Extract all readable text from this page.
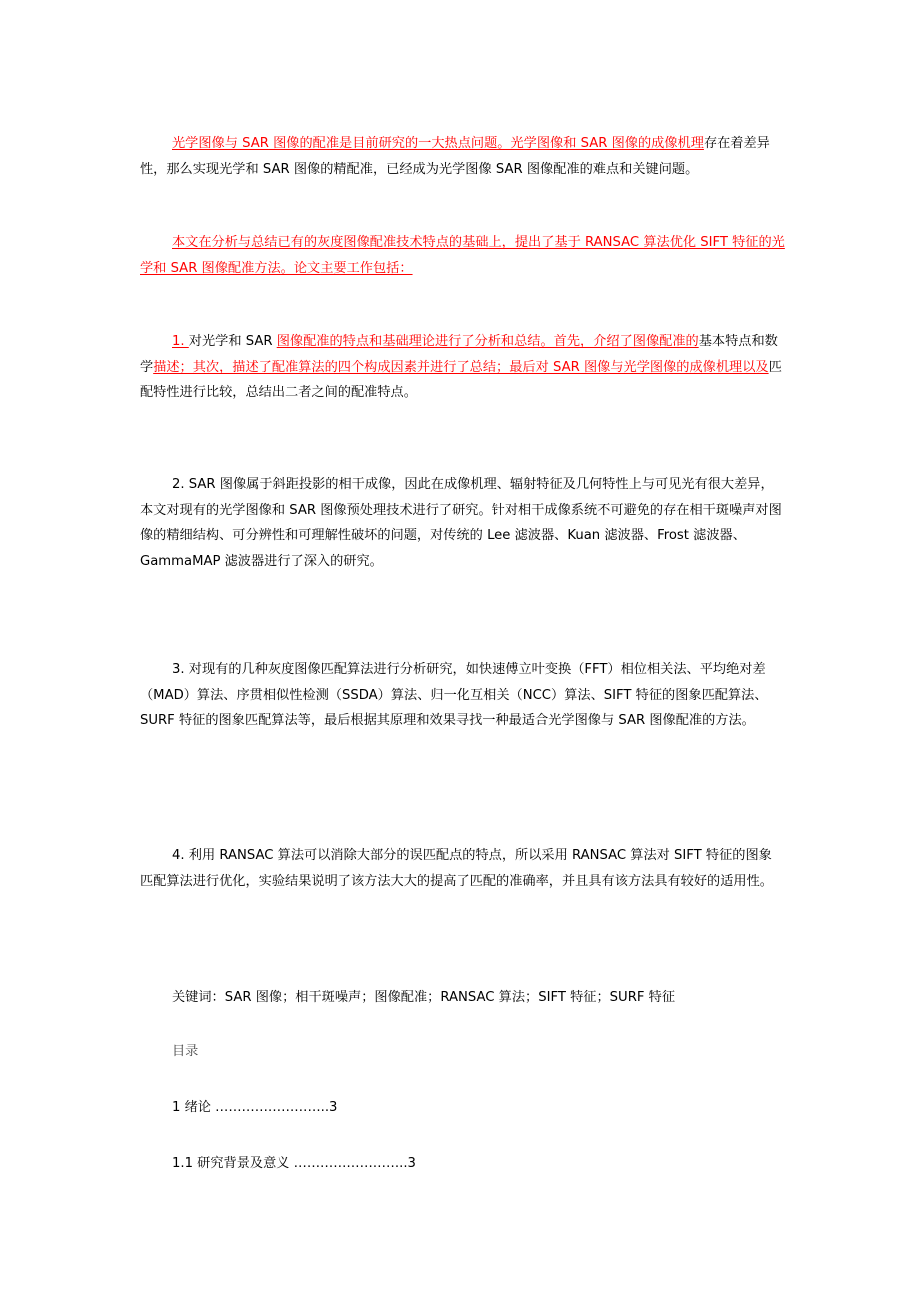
光学图像与 SAR 图像的配准是目前研究的一大热点问题。光学图像和 SAR 图像的成像机理存在着差异性，那么实现光学和 SAR 图像的精配准，已经成为光学图像 SAR 图像配准的难点和关键问题。

本文在分析与总结已有的灰度图像配准技术特点的基础上，提出了基于 RANSAC 算法优化 SIFT 特征的光学和 SAR 图像配准方法。论文主要工作包括：

1. 对光学和 SAR 图像配准的特点和基础理论进行了分析和总结。首先，介绍了图像配准的基本特点和数学描述；其次，描述了配准算法的四个构成因素并进行了总结；最后对 SAR 图像与光学图像的成像机理以及匹配特性进行比较，总结出二者之间的配准特点。

2. SAR 图像属于斜距投影的相干成像，因此在成像机理、辐射特征及几何特性上与可见光有很大差异，本文对现有的光学图像和 SAR 图像预处理技术进行了研究。针对相干成像系统不可避免的存在相干斑噪声对图像的精细结构、可分辨性和可理解性破坏的问题，对传统的 Lee 滤波器、Kuan 滤波器、Frost 滤波器、GammaMAP 滤波器进行了深入的研究。

3. 对现有的几种灰度图像匹配算法进行分析研究，如快速傅立叶变换（FFT）相位相关法、平均绝对差（MAD）算法、序贯相似性检测（SSDA）算法、归一化互相关（NCC）算法、SIFT 特征的图象匹配算法、SURF 特征的图象匹配算法等，最后根据其原理和效果寻找一种最适合光学图像与 SAR 图像配准的方法。

4. 利用 RANSAC 算法可以消除大部分的误匹配点的特点，所以采用 RANSAC 算法对 SIFT 特征的图象匹配算法进行优化，实验结果说明了该方法大大的提高了匹配的准确率，并且具有该方法具有较好的适用性。

关键词：SAR 图像；相干斑噪声；图像配准；RANSAC 算法；SIFT 特征；SURF 特征

目录

1 绪论 ……………………..3

1.1 研究背景及意义 ……………………..3
